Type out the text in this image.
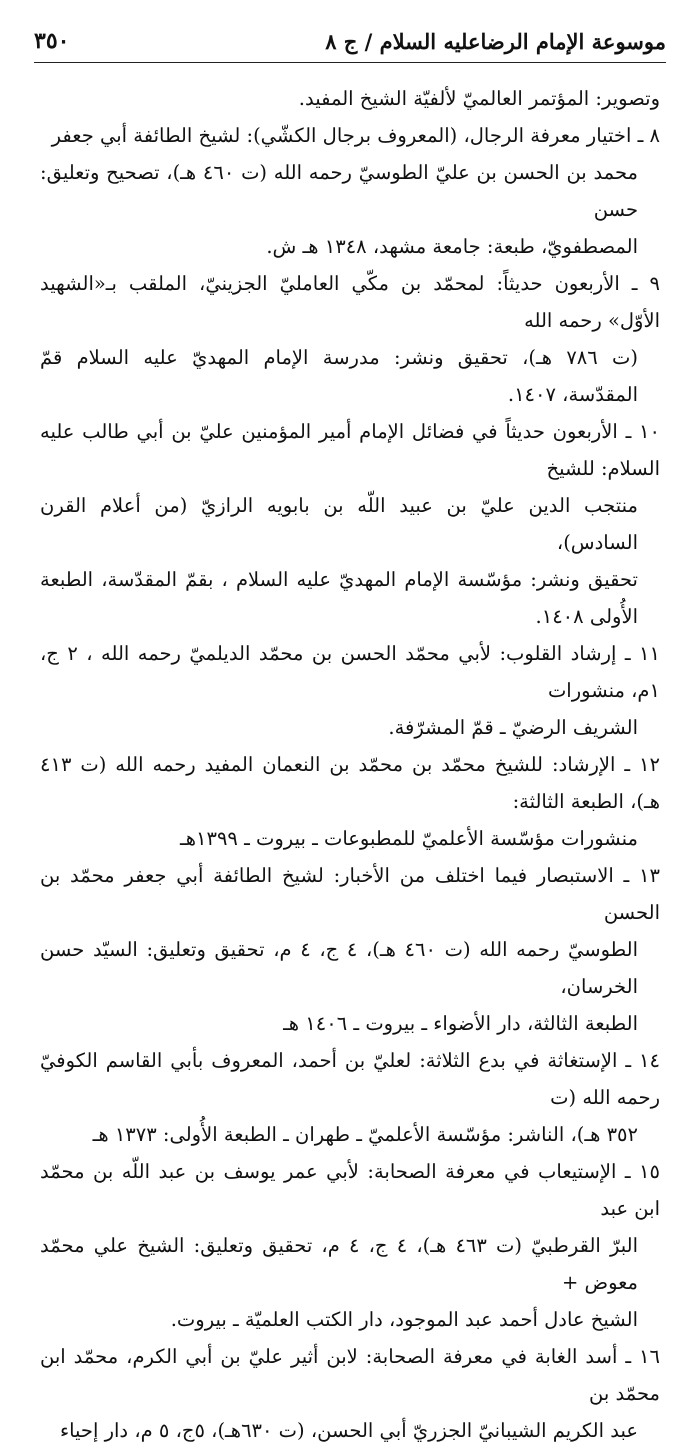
موسوعة الإمام الرضاعليه السلام / ج ٨
٣٥٠

وتصوير: المؤتمر العالميّ لألفيّة الشيخ المفيد.

٨ ـ اختيار معرفة الرجال، (المعروف برجال الكشّي): لشيخ الطائفة أبي جعفر

محمد بن الحسن بن عليّ الطوسيّ رحمه الله (ت ٤٦٠ هـ)، تصحيح وتعليق: حسن

المصطفويّ، طبعة: جامعة مشهد، ١٣٤٨ هـ ش.

٩ ـ الأربعون حديثاً: لمحمّد بن مكّي العامليّ الجزينيّ، الملقب بـ«الشهيد الأوّل» رحمه الله

(ت ٧٨٦ هـ)، تحقيق ونشر: مدرسة الإمام المهديّ عليه السلام قمّ المقدّسة، ١٤٠٧.

١٠ ـ الأربعون حديثاً في فضائل الإمام أمير المؤمنين عليّ بن أبي طالب عليه السلام: للشيخ

منتجب الدين عليّ بن عبيد اللّه بن بابويه الرازيّ (من أعلام القرن السادس)،

تحقيق ونشر: مؤسّسة الإمام المهديّ عليه السلام ، بقمّ المقدّسة، الطبعة الأُولى ١٤٠٨.

١١ ـ إرشاد القلوب: لأبي محمّد الحسن بن محمّد الديلميّ رحمه الله ، ٢ ج، ١م، منشورات

الشريف الرضيّ ـ قمّ المشرّفة.

١٢ ـ الإرشاد: للشيخ محمّد بن محمّد بن النعمان المفيد رحمه الله (ت ٤١٣ هـ)، الطبعة الثالثة:

منشورات مؤسّسة الأعلميّ للمطبوعات ـ بيروت ـ ١٣٩٩هـ

١٣ ـ الاستبصار فيما اختلف من الأخبار: لشيخ الطائفة أبي جعفر محمّد بن الحسن

الطوسيّ رحمه الله (ت ٤٦٠ هـ)، ٤ ج، ٤ م، تحقيق وتعليق: السيّد حسن الخرسان،

الطبعة الثالثة، دار الأضواء ـ بيروت ـ ١٤٠٦ هـ

١٤ ـ الإستغاثة في بدع الثلاثة: لعليّ بن أحمد، المعروف بأبي القاسم الكوفيّ رحمه الله (ت

٣٥٢ هـ)، الناشر: مؤسّسة الأعلميّ ـ طهران ـ الطبعة الأُولى: ١٣٧٣ هـ

١٥ ـ الإستيعاب في معرفة الصحابة: لأبي عمر يوسف بن عبد اللّه بن محمّد ابن عبد

البرّ القرطبيّ (ت ٤٦٣ هـ)، ٤ ج، ٤ م، تحقيق وتعليق: الشيخ علي محمّد معوض +

الشيخ عادل أحمد عبد الموجود، دار الكتب العلميّة ـ بيروت.

١٦ ـ أسد الغابة في معرفة الصحابة: لابن أثير عليّ بن أبي الكرم، محمّد ابن محمّد بن

عبد الكريم الشيبانيّ الجزريّ أبي الحسن، (ت ٦٣٠هـ)، ٥ج، ٥ م، دار إحياء
